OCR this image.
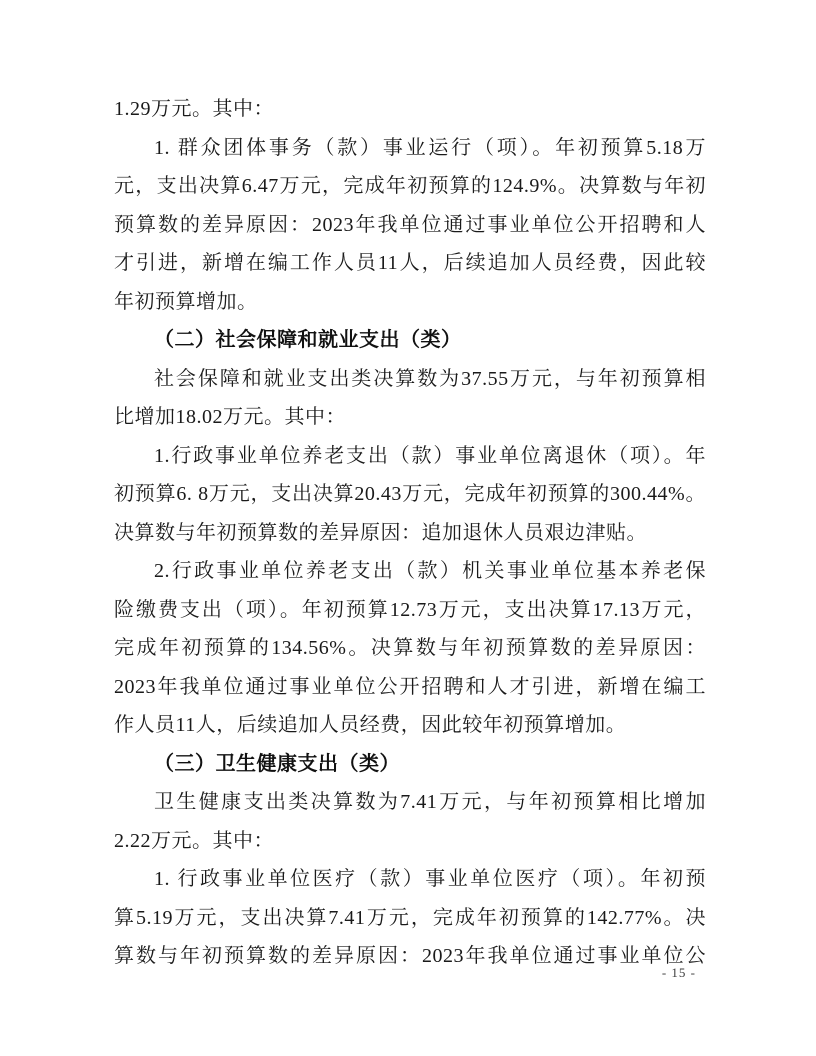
1.29万元。其中：
1. 群众团体事务（款）事业运行（项）。年初预算5.18万
元，支出决算6.47万元，完成年初预算的124.9%。决算数与年初
预算数的差异原因：2023年我单位通过事业单位公开招聘和人
才引进，新增在编工作人员11人，后续追加人员经费，因此较
年初预算增加。
（二）社会保障和就业支出（类）
社会保障和就业支出类决算数为37.55万元，与年初预算相
比增加18.02万元。其中：
1.行政事业单位养老支出（款）事业单位离退休（项）。年
初预算6. 8万元，支出决算20.43万元，完成年初预算的300.44%。
决算数与年初预算数的差异原因：追加退休人员艰边津贴。
2.行政事业单位养老支出（款）机关事业单位基本养老保
险缴费支出（项）。年初预算12.73万元，支出决算17.13万元，
完成年初预算的134.56%。决算数与年初预算数的差异原因：
2023年我单位通过事业单位公开招聘和人才引进，新增在编工
作人员11人，后续追加人员经费，因此较年初预算增加。
（三）卫生健康支出（类）
卫生健康支出类决算数为7.41万元，与年初预算相比增加
2.22万元。其中：
1. 行政事业单位医疗（款）事业单位医疗（项）。年初预
算5.19万元，支出决算7.41万元，完成年初预算的142.77%。决
算数与年初预算数的差异原因：2023年我单位通过事业单位公
- 15 -
